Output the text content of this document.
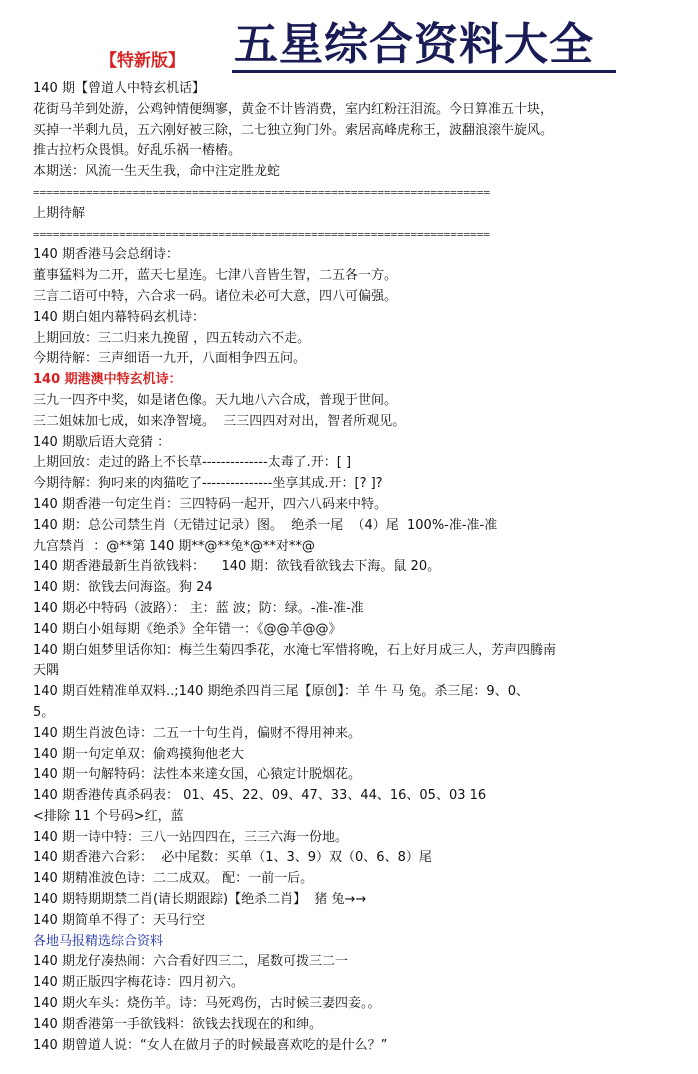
【特新版】 五星综合资料大全
140 期【曾道人中特玄机话】
花街马羊到处游，公鸡钟情便绸寥，黄金不计皆消费，室内红粉汪泪流。今日算准五十块，
买掉一半剩九员，五六刚好被三除，二七独立狗门外。索居高峰虎称王，波翻浪滚牛旋风。
推古拉朽众畏惧。好乱乐祸一樁樁。
本期送：风流一生天生我，命中注定胜龙蛇
=====================================================================
上期待解
=====================================================================
140 期香港马会总纲诗：
董事猛料为二开，蓝天七星连。七津八音皆生智，二五各一方。
三言二语可中特，六合求一码。诸位未必可大意，四八可偏强。
140 期白姐内幕特码玄机诗：
上期回放：三二归来九挽留 ，四五转动六不走。
今期待解：三声细语一九开，八面相争四五问。
140 期港澳中特玄机诗：
三九一四齐中奖，如是诸色像。天九地八六合成，普现于世间。
三二姐妹加七成，如来净智境。  三三四四对对出，智者所观见。
140 期歇后语大竞猜 ：
上期回放：走过的路上不长草--------------太毒了.开：[ ]
今期待解：狗叼来的肉猫吃了---------------坐享其成.开：[? ]?
140 期香港一句定生肖：三四特码一起开，四六八码来中特。
140 期：总公司禁生肖（无错过记录）图。  绝杀一尾  （4）尾  100%-准-准-准
九宫禁肖  ：@**第 140 期**@**兔*@**对**@
140 期香港最新生肖欲钱料：    140 期：欲钱看欲钱去下海。鼠 20。
140 期：欲钱去问海盗。狗 24
140 期必中特码（波路）： 主：蓝 波；防：绿。-准-准-准
140 期白小姐每期《绝杀》全年错一：《@@羊@@》
140 期白姐梦里话你知：梅兰生菊四季花，水淹七军惜将晚，石上好月成三人，芳声四腾南
天隅
140 期百姓精准单双料..;140 期绝杀四肖三尾【原创】：羊 牛 马 兔。杀三尾：9、0、
5。
140 期生肖波色诗：二五一十句生肖，偏财不得用神来。
140 期一句定单双：偷鸡摸狗他老大
140 期一句解特码：法性本来達女国，心猿定计脱烟花。
140 期香港传真杀码表： 01、45、22、09、47、33、44、16、05、03 16
<排除 11 个号码>红，蓝
140 期一诗中特：三八一站四四在，三三六海一份地。
140 期香港六合彩：  必中尾数：买单（1、3、9）双（0、6、8）尾
140 期精准波色诗：二二成双。 配：一前一后。
140 期特期期禁二肖(请长期跟踪)【绝杀二肖】  猪 兔→→
140 期简单不得了：天马行空
各地马报精选综合资料
140 期龙仔凑热闹：六合看好四三二，尾数可拨三二一
140 期正版四字梅花诗：四月初六。
140 期火车头：烧伤羊。诗：马死鸡伤，古时候三妻四妾。。
140 期香港第一手欲钱料：欲钱去找现在的和绅。
140 期曾道人说：“女人在做月子的时候最喜欢吃的是什么？”
